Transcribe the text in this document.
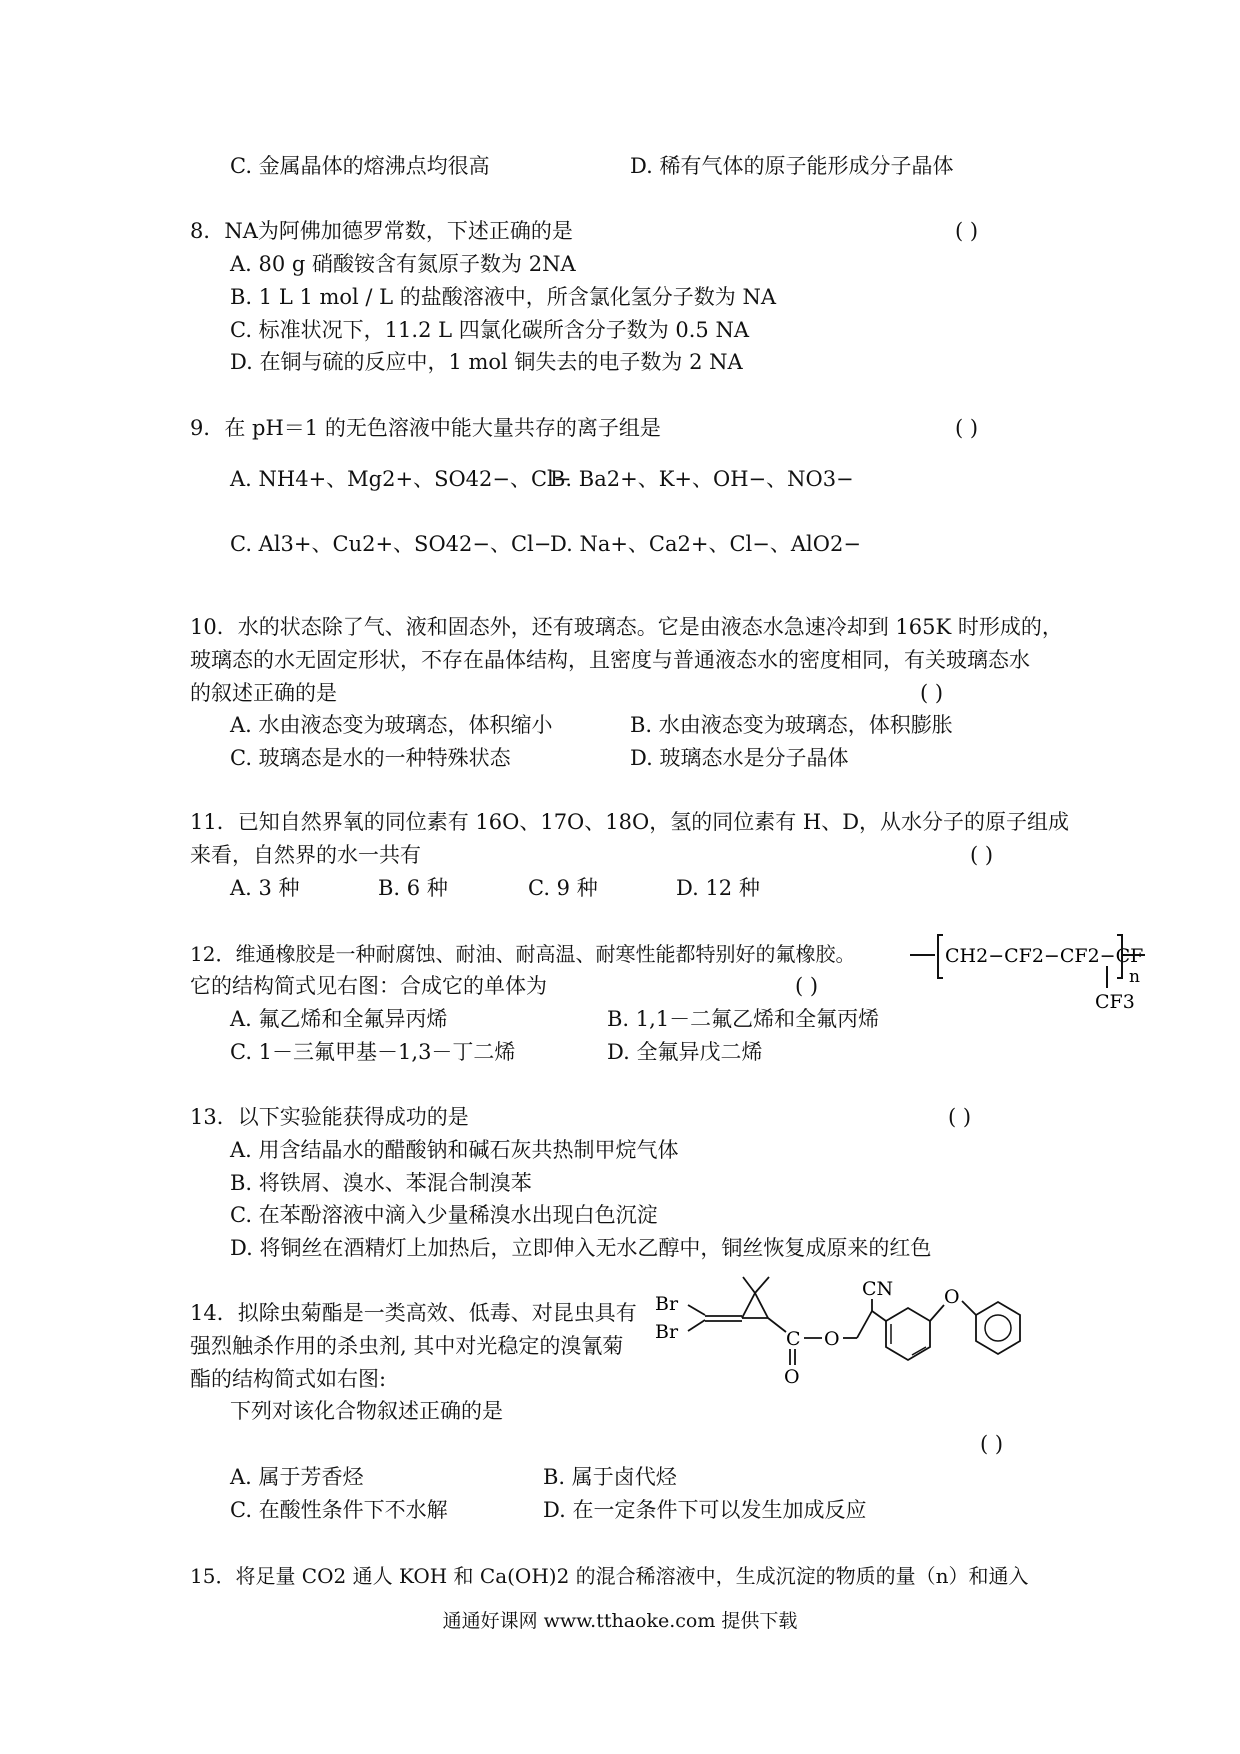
C. 金属晶体的熔沸点均很高	D. 稀有气体的原子能形成分子晶体
8．NA为阿佛加德罗常数，下述正确的是	( )
A. 80 g 硝酸铵含有氮原子数为 2NA
B. 1 L 1 mol / L 的盐酸溶液中，所含氯化氢分子数为 NA
C. 标准状况下，11.2 L 四氯化碳所含分子数为 0.5 NA
D. 在铜与硫的反应中，1 mol 铜失去的电子数为 2 NA
9．在 pH＝1 的无色溶液中能大量共存的离子组是	( )
A. NH4+、Mg2+、SO42−、Cl−
B. Ba2+、K+、OH−、NO3−
C. Al3+、Cu2+、SO42−、Cl−
D. Na+、Ca2+、Cl−、AlO2−
10．水的状态除了气、液和固态外，还有玻璃态。它是由液态水急速冷却到 165K 时形成的，
玻璃态的水无固定形状，不存在晶体结构，且密度与普通液态水的密度相同，有关玻璃态水
的叙述正确的是	( )
A. 水由液态变为玻璃态，体积缩小	B. 水由液态变为玻璃态，体积膨胀
C. 玻璃态是水的一种特殊状态	D. 玻璃态水是分子晶体
11．已知自然界氧的同位素有 16O、17O、18O，氢的同位素有 H、D，从水分子的原子组成
来看，自然界的水一共有	( )
A. 3 种	B. 6 种	C. 9 种	D. 12 种
12．维通橡胶是一种耐腐蚀、耐油、耐高温、耐寒性能都特别好的氟橡胶。
它的结构简式见右图：合成它的单体为	( )
A. 氟乙烯和全氟异丙烯	B. 1,1－二氟乙烯和全氟丙烯
C. 1－三氟甲基－1,3－丁二烯	D. 全氟异戊二烯
CH2−CF2−CF2−CF
CF3
n
13．以下实验能获得成功的是	( )
A. 用含结晶水的醋酸钠和碱石灰共热制甲烷气体
B. 将铁屑、溴水、苯混合制溴苯
C. 在苯酚溶液中滴入少量稀溴水出现白色沉淀
D. 将铜丝在酒精灯上加热后，立即伸入无水乙醇中，铜丝恢复成原来的红色
14．拟除虫菊酯是一类高效、低毒、对昆虫具有
强烈触杀作用的杀虫剂, 其中对光稳定的溴氰菊
酯的结构简式如右图:
下列对该化合物叙述正确的是
( )
A. 属于芳香烃	B. 属于卤代烃
C. 在酸性条件下不水解	D. 在一定条件下可以发生加成反应
Br
Br	C
O
O
CN	O
15．将足量 CO2 通人 KOH 和 Ca(OH)2 的混合稀溶液中，生成沉淀的物质的量（n）和通入
通通好课网 www.tthaoke.com 提供下载
